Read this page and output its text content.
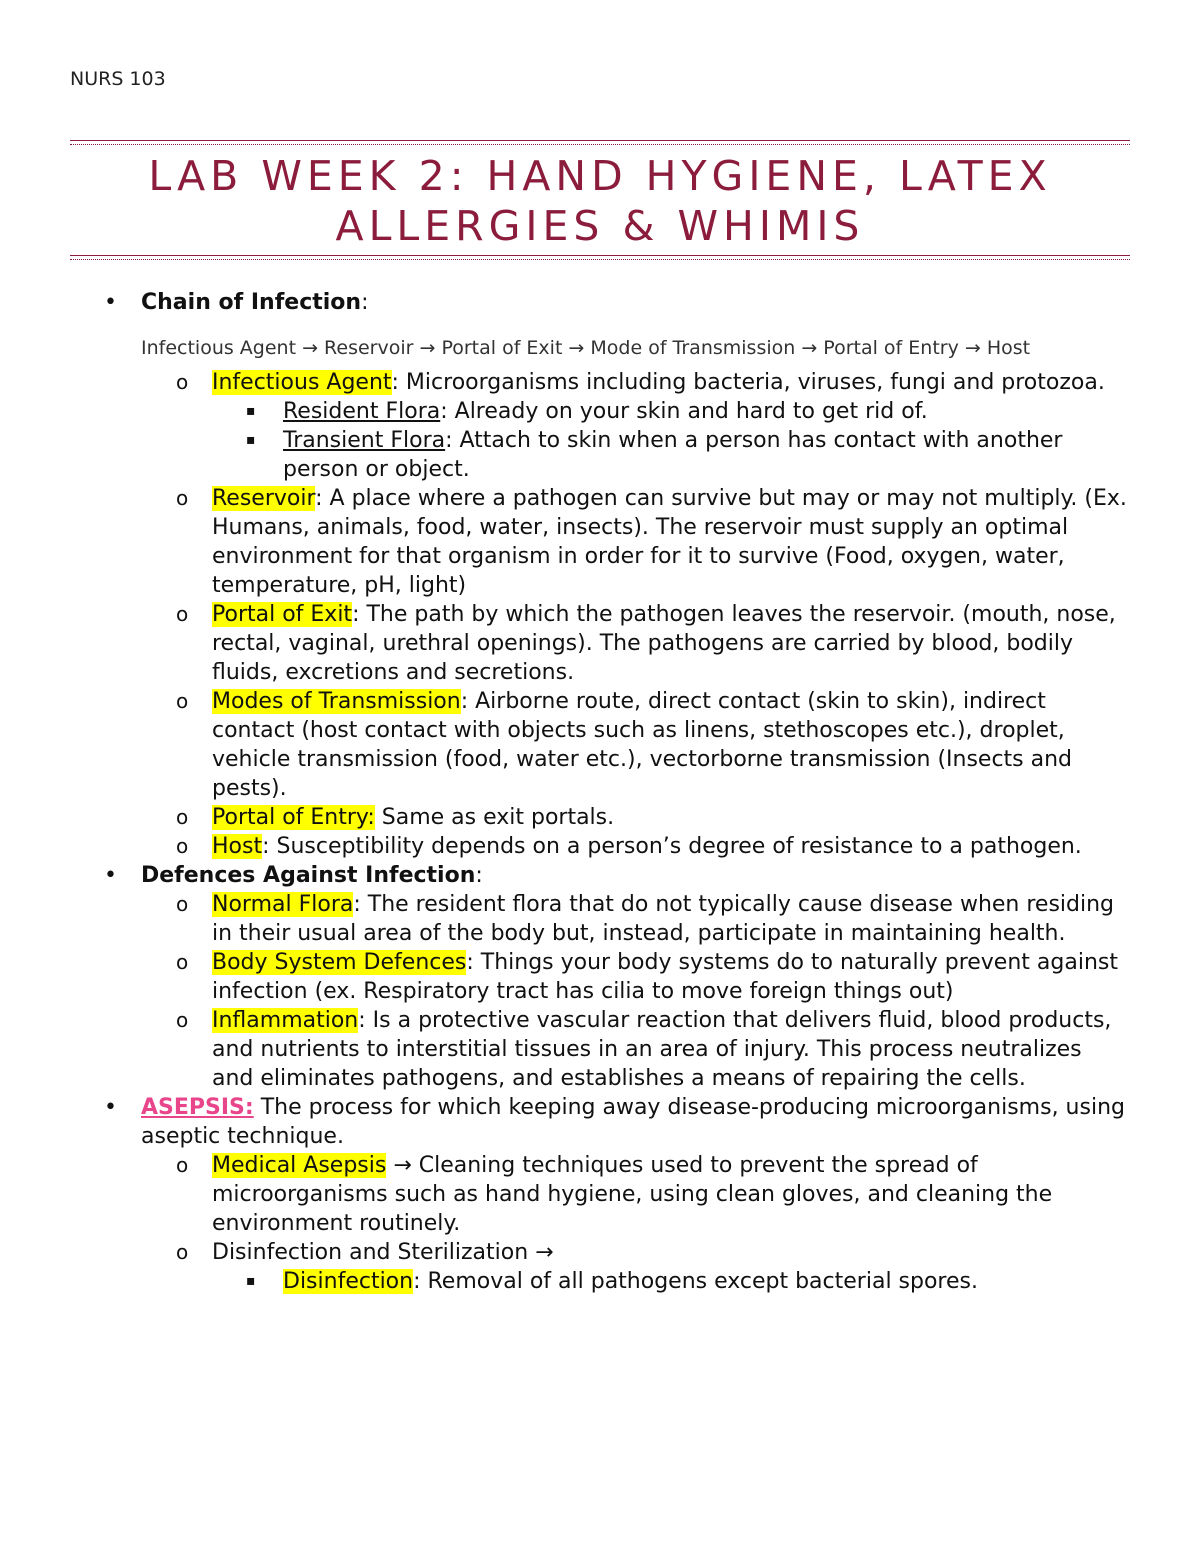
NURS 103
LAB WEEK 2: HAND HYGIENE, LATEX
ALLERGIES & WHIMIS
• Chain of Infection:
Infectious Agent → Reservoir → Portal of Exit → Mode of Transmission → Portal of Entry → Host
o Infectious Agent: Microorganisms including bacteria, viruses, fungi and protozoa.
▪ Resident Flora: Already on your skin and hard to get rid of.
▪ Transient Flora: Attach to skin when a person has contact with another person or object.
o Reservoir: A place where a pathogen can survive but may or may not multiply. (Ex. Humans, animals, food, water, insects). The reservoir must supply an optimal environment for that organism in order for it to survive (Food, oxygen, water, temperature, pH, light)
o Portal of Exit: The path by which the pathogen leaves the reservoir. (mouth, nose, rectal, vaginal, urethral openings). The pathogens are carried by blood, bodily fluids, excretions and secretions.
o Modes of Transmission: Airborne route, direct contact (skin to skin), indirect contact (host contact with objects such as linens, stethoscopes etc.), droplet, vehicle transmission (food, water etc.), vectorborne transmission (Insects and pests).
o Portal of Entry: Same as exit portals.
o Host: Susceptibility depends on a person’s degree of resistance to a pathogen.
• Defences Against Infection:
o Normal Flora: The resident flora that do not typically cause disease when residing in their usual area of the body but, instead, participate in maintaining health.
o Body System Defences: Things your body systems do to naturally prevent against infection (ex. Respiratory tract has cilia to move foreign things out)
o Inflammation: Is a protective vascular reaction that delivers fluid, blood products, and nutrients to interstitial tissues in an area of injury. This process neutralizes and eliminates pathogens, and establishes a means of repairing the cells.
• ASEPSIS: The process for which keeping away disease-producing microorganisms, using aseptic technique.
o Medical Asepsis → Cleaning techniques used to prevent the spread of microorganisms such as hand hygiene, using clean gloves, and cleaning the environment routinely.
o Disinfection and Sterilization →
▪ Disinfection: Removal of all pathogens except bacterial spores.
